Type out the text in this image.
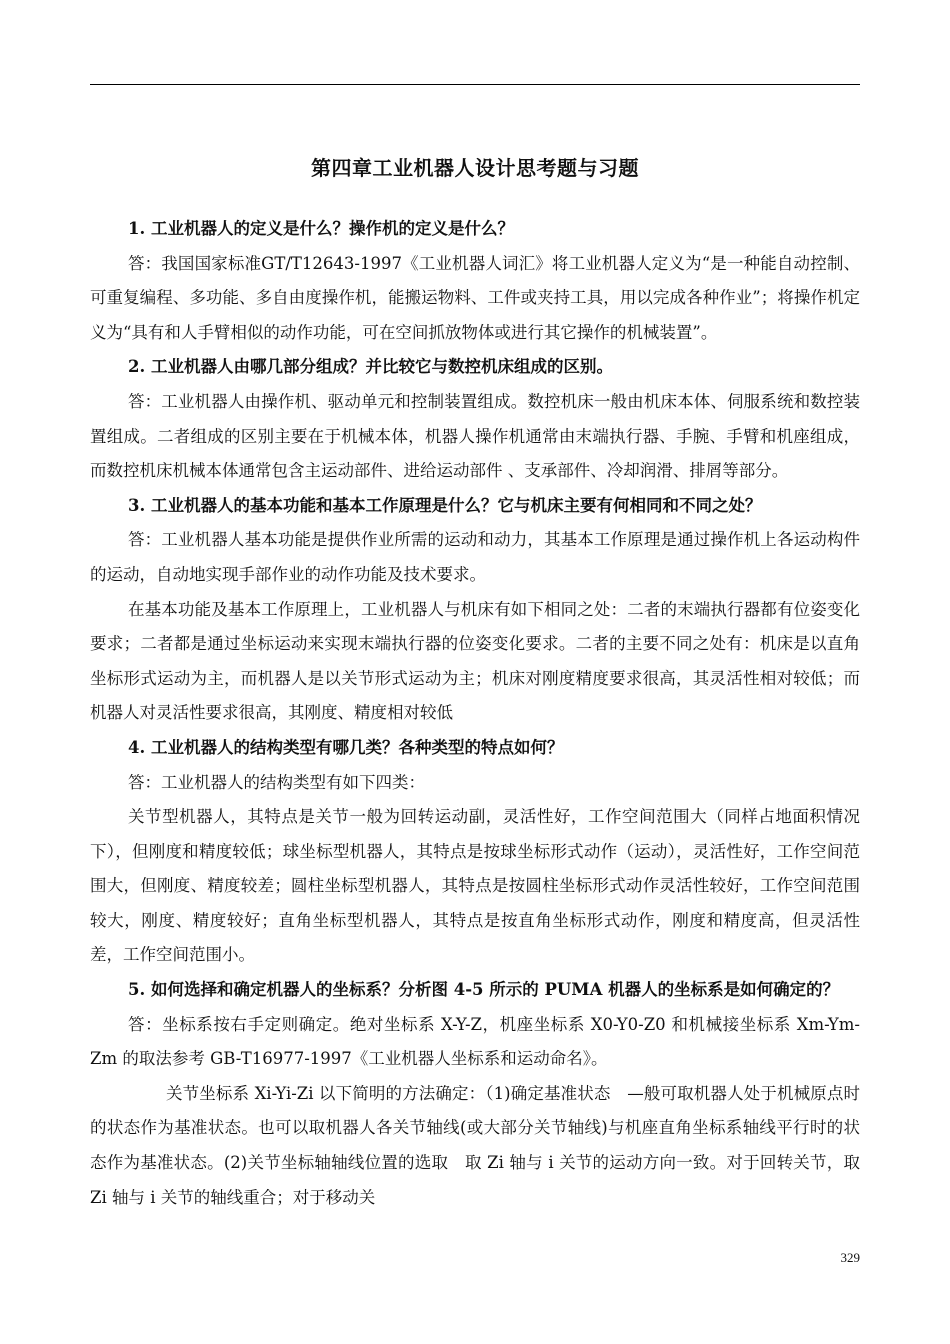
第四章工业机器人设计思考题与习题

1. 工业机器人的定义是什么？操作机的定义是什么？

答：我国国家标准GT/T12643-1997《工业机器人词汇》将工业机器人定义为“是一种能自动控制、可重复编程、多功能、多自由度操作机，能搬运物料、工件或夹持工具，用以完成各种作业”；将操作机定义为“具有和人手臂相似的动作功能，可在空间抓放物体或进行其它操作的机械装置”。

2. 工业机器人由哪几部分组成？并比较它与数控机床组成的区别。

答：工业机器人由操作机、驱动单元和控制装置组成。数控机床一般由机床本体、伺服系统和数控装置组成。二者组成的区别主要在于机械本体，机器人操作机通常由末端执行器、手腕、手臂和机座组成，而数控机床机械本体通常包含主运动部件、进给运动部件 、支承部件、冷却润滑、排屑等部分。

3. 工业机器人的基本功能和基本工作原理是什么？它与机床主要有何相同和不同之处？

答：工业机器人基本功能是提供作业所需的运动和动力，其基本工作原理是通过操作机上各运动构件的运动，自动地实现手部作业的动作功能及技术要求。

在基本功能及基本工作原理上，工业机器人与机床有如下相同之处：二者的末端执行器都有位姿变化要求；二者都是通过坐标运动来实现末端执行器的位姿变化要求。二者的主要不同之处有：机床是以直角坐标形式运动为主，而机器人是以关节形式运动为主；机床对刚度精度要求很高，其灵活性相对较低；而机器人对灵活性要求很高，其刚度、精度相对较低

4. 工业机器人的结构类型有哪几类？各种类型的特点如何？

答：工业机器人的结构类型有如下四类：

关节型机器人，其特点是关节一般为回转运动副，灵活性好，工作空间范围大（同样占地面积情况下），但刚度和精度较低；球坐标型机器人，其特点是按球坐标形式动作（运动），灵活性好，工作空间范围大，但刚度、精度较差；圆柱坐标型机器人，其特点是按圆柱坐标形式动作灵活性较好，工作空间范围较大，刚度、精度较好；直角坐标型机器人，其特点是按直角坐标形式动作，刚度和精度高，但灵活性差，工作空间范围小。

5. 如何选择和确定机器人的坐标系？分析图 4-5 所示的 PUMA 机器人的坐标系是如何确定的？

答：坐标系按右手定则确定。绝对坐标系 X-Y-Z，机座坐标系 X0-Y0-Z0 和机械接坐标系 Xm-Ym-Zm 的取法参考 GB-T16977-1997《工业机器人坐标系和运动命名》。

关节坐标系 Xi-Yi-Zi 以下简明的方法确定：（1)确定基准状态　—般可取机器人处于机械原点时的状态作为基准状态。也可以取机器人各关节轴线(或大部分关节轴线)与机座直角坐标系轴线平行时的状态作为基准状态。(2)关节坐标轴轴线位置的选取　取 Zi 轴与 i 关节的运动方向一致。对于回转关节，取 Zi 轴与 i 关节的轴线重合；对于移动关

329
